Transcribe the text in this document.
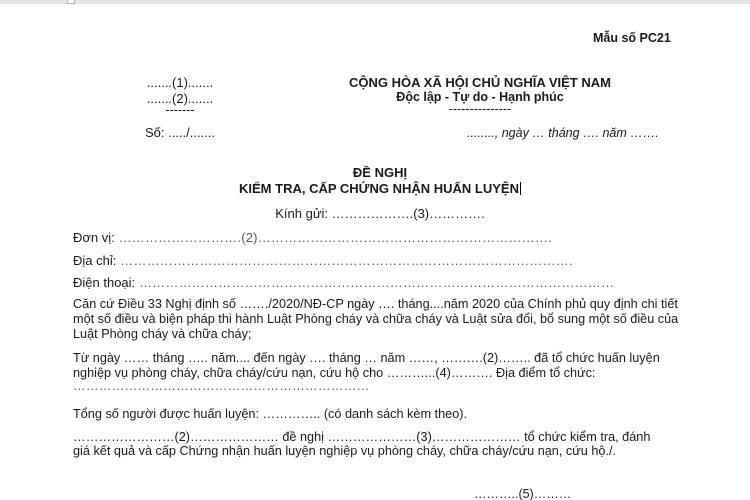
Mẫu số PC21
.......(1).......
.......(2).......
-------
Số: ...../.......
CỘNG HÒA XÃ HỘI CHỦ NGHĨA VIỆT NAM
Độc lập - Tự do - Hạnh phúc
---------------
........, ngày … tháng …. năm …….
ĐỀ NGHỊ
KIỂM TRA, CẤP CHỨNG NHẬN HUẤN LUYỆN
Kính gửi: ……………….(3)………….
Đơn vị: ……………………….(2)………………………………………………………….
Địa chỉ: ………………………………………………………………………………………….
Điện thoại: ………………………………………………………………………………………………
Căn cứ Điều 33 Nghị định số ……./2020/NĐ-CP ngày …. tháng....năm 2020 của Chính phủ quy định chi tiết một số điều và biện pháp thi hành Luật Phòng cháy và chữa cháy và Luật sửa đổi, bổ sung một số điều của Luật Phòng cháy và chữa cháy;
Từ ngày …… tháng ….. năm.... đến ngày …. tháng … năm ……, ……….(2)…….. đã tổ chức huấn luyện
nghiệp vụ phòng cháy, chữa cháy/cứu nạn, cứu hộ cho ………...(4)………. Địa điểm tổ chức:
……………………………………………………………
Tổng số người được huấn luyện: ………….. (có danh sách kèm theo).
……………………(2)………………… đề nghị …………………(3)………………… tổ chức kiểm tra, đánh
giá kết quả và cấp Chứng nhận huấn luyện nghiệp vụ phòng cháy, chữa cháy/cứu nạn, cứu hộ./.
………..(5)………
